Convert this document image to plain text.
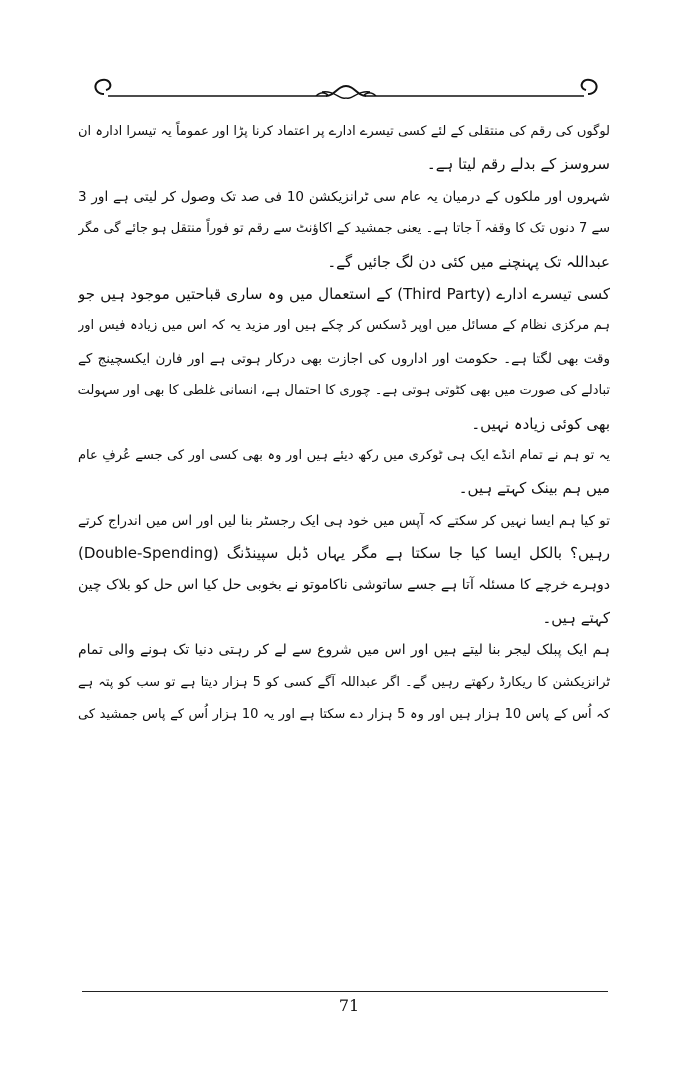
لوگوں کی رقم کی منتقلی کے لئے کسی تیسرے ادارے پر اعتماد کرنا پڑا اور عموماً یہ تیسرا ادارہ ان
سروسز کے بدلے رقم لیتا ہے۔
شہروں اور ملکوں کے درمیان یہ عام سی ٹرانزیکشن 10 فی صد تک وصول کر لیتی ہے اور 3
سے 7 دنوں تک کا وقفہ آ جاتا ہے۔ یعنی جمشید کے اکاؤنٹ سے رقم تو فوراً منتقل ہو جائے گی مگر
عبداللہ تک پہنچنے میں کئی دن لگ جائیں گے۔
کسی تیسرے ادارے (Third Party) کے استعمال میں وہ ساری قباحتیں موجود ہیں جو
ہم مرکزی نظام کے مسائل میں اوپر ڈسکس کر چکے ہیں اور مزید یہ کہ اس میں زیادہ فیس اور
وقت بھی لگتا ہے۔ حکومت اور اداروں کی اجازت بھی درکار ہوتی ہے اور فارن ایکسچینج کے
تبادلے کی صورت میں بھی کٹوتی ہوتی ہے۔ چوری کا احتمال ہے، انسانی غلطی کا بھی اور سہولت
بھی کوئی زیادہ نہیں۔
یہ تو ہم نے تمام انڈے ایک ہی ٹوکری میں رکھ دیئے ہیں اور وہ بھی کسی اور کی جسے عُرفِ عام
میں ہم بینک کہتے ہیں۔
تو کیا ہم ایسا نہیں کر سکتے کہ آپس میں خود ہی ایک رجسٹر بنا لیں اور اس میں اندراج کرتے
رہیں؟ بالکل ایسا کیا جا سکتا ہے مگر یہاں ڈبل سپینڈنگ (Double-Spending)
دوہرے خرچے کا مسئلہ آتا ہے جسے ساتوشی ناکاموتو نے بخوبی حل کیا اس حل کو بلاک چین
کہتے ہیں۔
ہم ایک پبلک لیجر بنا لیتے ہیں اور اس میں شروع سے لے کر رہتی دنیا تک ہونے والی تمام
ٹرانزیکشن کا ریکارڈ رکھتے رہیں گے۔ اگر عبداللہ آگے کسی کو 5 ہزار دیتا ہے تو سب کو پتہ ہے
کہ اُس کے پاس 10 ہزار ہیں اور وہ 5 ہزار دے سکتا ہے اور یہ 10 ہزار اُس کے پاس جمشید کی
71
